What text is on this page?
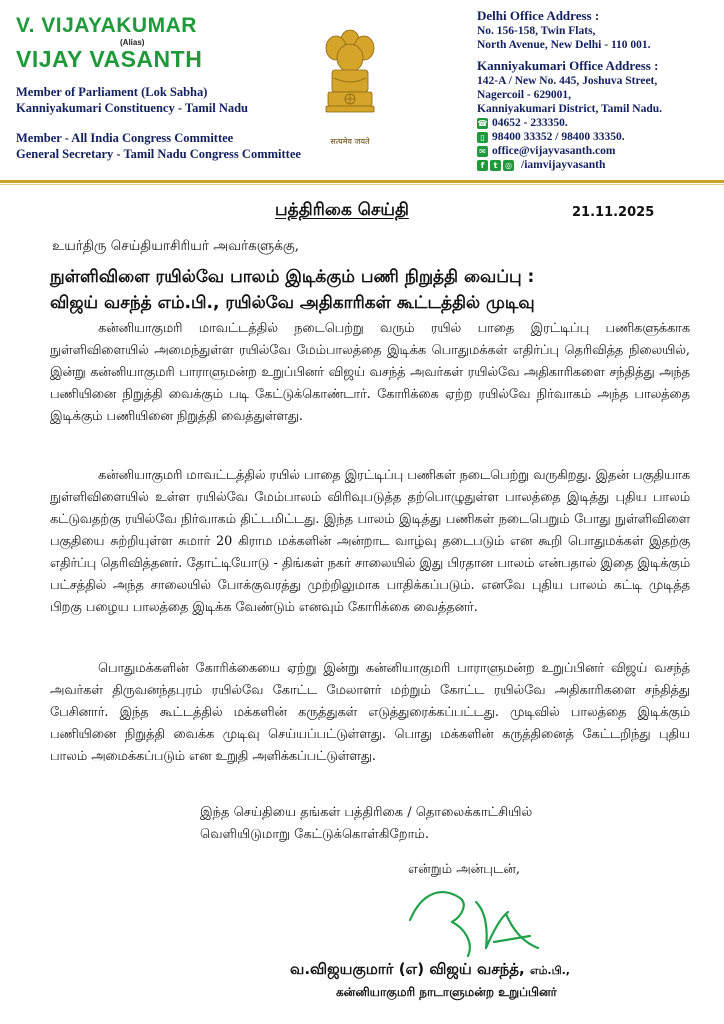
V. VIJAYAKUMAR
(Alias)
VIJAY VASANTH
Member of Parliament (Lok Sabha)
Kanniyakumari Constituency - Tamil Nadu
Member - All India Congress Committee
General Secretary - Tamil Nadu Congress Committee
सत्यमेव जयते
Delhi Office Address :
No. 156-158, Twin Flats,
North Avenue, New Delhi - 110 001.
Kanniyakumari Office Address :
142-A / New No. 445, Joshuva Street,
Nagercoil - 629001,
Kanniyakumari District, Tamil Nadu.
☎ 04652 - 233350.
▯ 98400 33352 / 98400 33350.
✉ office@vijayvasanth.com
f	t ◎ /iamvijayvasanth
பத்திரிகை செய்தி	21.11.2025
உயர்திரு செய்தியாசிரியர் அவர்களுக்கு,
நுள்ளிவிளை ரயில்வே பாலம் இடிக்கும் பணி நிறுத்தி வைப்பு :
விஜய் வசந்த் எம்.பி., ரயில்வே அதிகாரிகள் கூட்டத்தில் முடிவு

கன்னியாகுமரி மாவட்டத்தில் நடைபெற்று வரும் ரயில் பாதை இரட்டிப்பு பணிகளுக்காக நுள்ளிவிளையில் அமைந்துள்ள ரயில்வே மேம்பாலத்தை இடிக்க பொதுமக்கள் எதிர்ப்பு தெரிவித்த நிலையில், இன்று கன்னியாகுமரி பாராளுமன்ற உறுப்பினர் விஜய் வசந்த் அவர்கள் ரயில்வே அதிகாரிகளை சந்தித்து அந்த பணியினை நிறுத்தி வைக்கும் படி கேட்டுக்கொண்டார். கோரிக்கை ஏற்ற ரயில்வே நிர்வாகம் அந்த பாலத்தை இடிக்கும் பணியினை நிறுத்தி வைத்துள்ளது.

கன்னியாகுமரி மாவட்டத்தில் ரயில் பாதை இரட்டிப்பு பணிகள் நடைபெற்று வருகிறது. இதன் பகுதியாக நுள்ளிவிளையில் உள்ள ரயில்வே மேம்பாலம் விரிவுபடுத்த தற்பொழுதுள்ள பாலத்தை இடித்து புதிய பாலம் கட்டுவதற்கு ரயில்வே நிர்வாகம் திட்டமிட்டது. இந்த பாலம் இடித்து பணிகள் நடைபெறும் போது நுள்ளிவிளை பகுதியை சுற்றியுள்ள சுமார் 20 கிராம மக்களின் அன்றாட வாழ்வு தடைபடும் என கூறி பொதுமக்கள் இதற்கு எதிர்ப்பு தெரிவித்தனர். தோட்டியோடு - திங்கள் நகர் சாலையில் இது பிரதான பாலம் என்பதால் இதை இடிக்கும் பட்சத்தில் அந்த சாலையில் போக்குவரத்து முற்றிலுமாக பாதிக்கப்படும். எனவே புதிய பாலம் கட்டி முடித்த பிறகு பழைய பாலத்தை இடிக்க வேண்டும் எனவும் கோரிக்கை வைத்தனர்.

பொதுமக்களின் கோரிக்கையை ஏற்று இன்று கன்னியாகுமரி பாராளுமன்ற உறுப்பினர் விஜய் வசந்த் அவர்கள் திருவனந்தபுரம் ரயில்வே கோட்ட மேலாளர் மற்றும் கோட்ட ரயில்வே அதிகாரிகளை சந்தித்து பேசினார். இந்த கூட்டத்தில் மக்களின் கருத்துகள் எடுத்துரைக்கப்பட்டது. முடிவில் பாலத்தை இடிக்கும் பணியினை நிறுத்தி வைக்க முடிவு செய்யப்பட்டுள்ளது. பொது மக்களின் கருத்தினைத் கேட்டறிந்து புதிய பாலம் அமைக்கப்படும் என உறுதி அளிக்கப்பட்டுள்ளது.

இந்த செய்தியை தங்கள் பத்திரிகை / தொலைக்காட்சியில்
வெளியிடுமாறு கேட்டுக்கொள்கிறோம்.
என்றும் அன்புடன்,
வ.விஜயகுமார் (எ) விஜய் வசந்த், எம்.பி.,
கன்னியாகுமரி நாடாளுமன்ற உறுப்பினர்
